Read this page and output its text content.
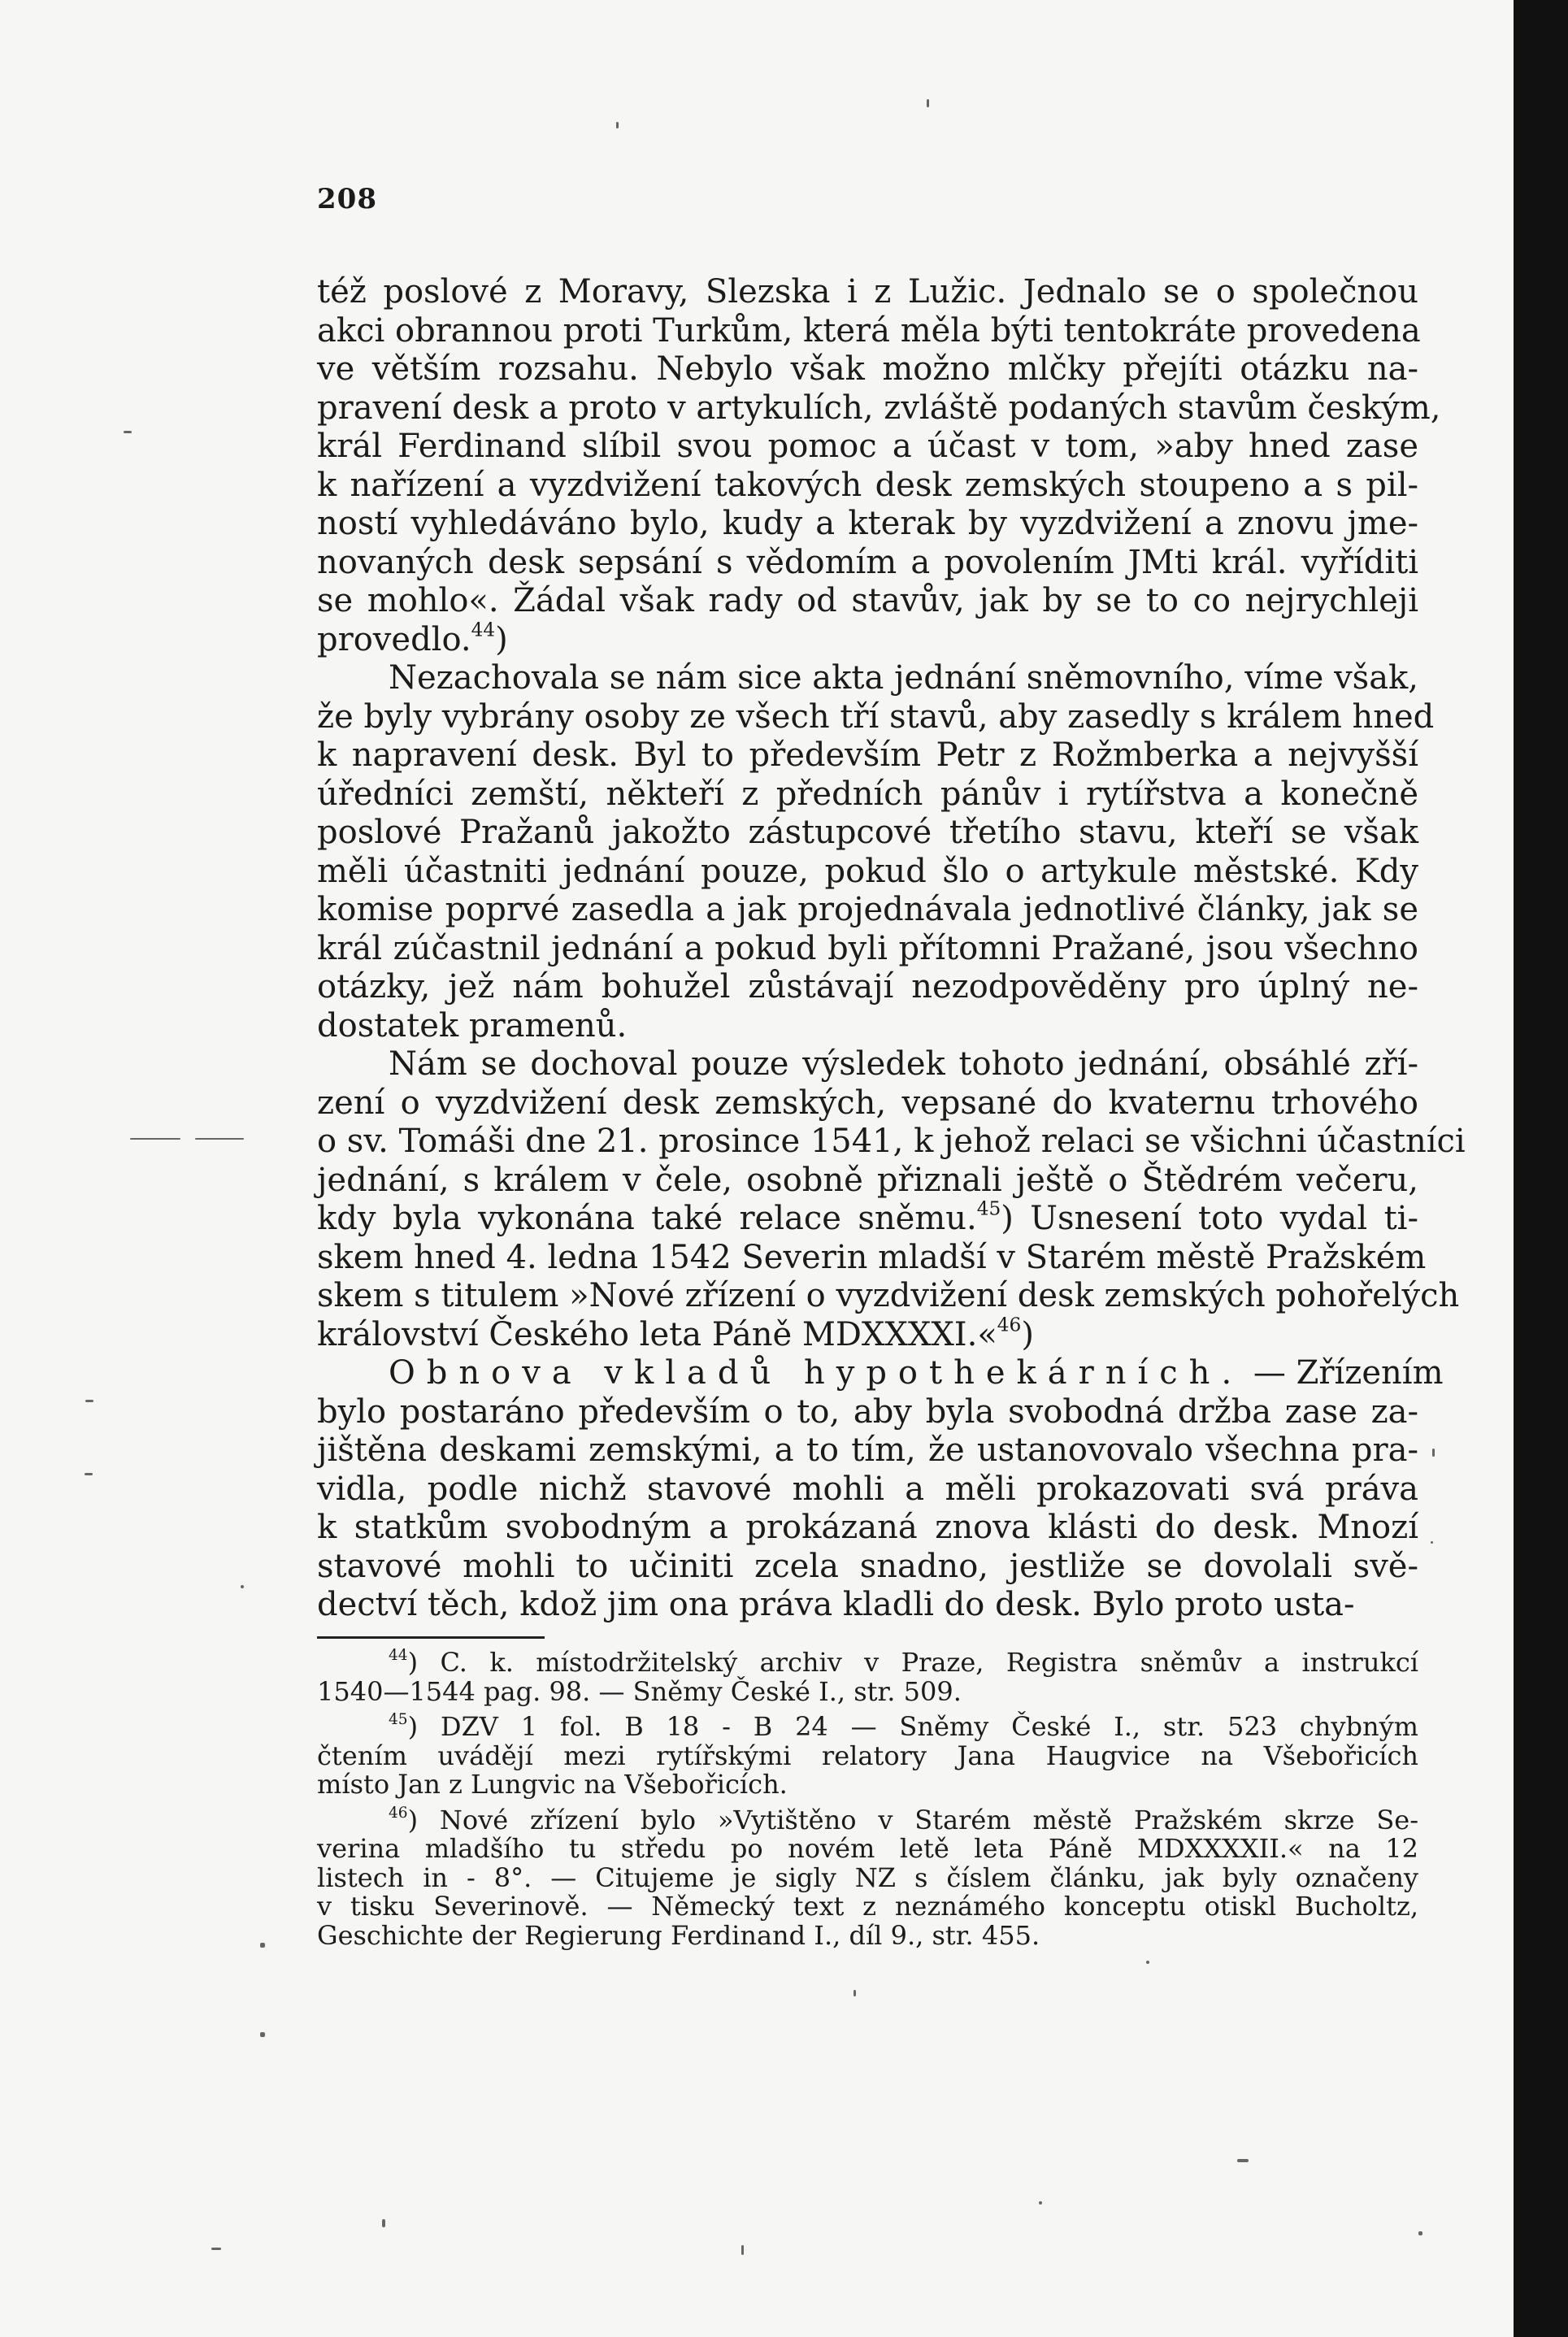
208
též poslové z Moravy, Slezska i z Lužic. Jednalo se o společnou
akci obrannou proti Turkům, která měla býti tentokráte provedena
ve větším rozsahu. Nebylo však možno mlčky přejíti otázku na-
pravení desk a proto v artykulích, zvláště podaných stavům českým,
král Ferdinand slíbil svou pomoc a účast v tom, »aby hned zase
k nařízení a vyzdvižení takových desk zemských stoupeno a s pil-
ností vyhledáváno bylo, kudy a kterak by vyzdvižení a znovu jme-
novaných desk sepsání s vědomím a povolením JMti král. vyříditi
se mohlo«. Žádal však rady od stavův, jak by se to co nejrychleji
provedlo.$^{44}$)
Nezachovala se nám sice akta jednání sněmovního, víme však,
že byly vybrány osoby ze všech tří stavů, aby zasedly s králem hned
k napravení desk. Byl to především Petr z Rožmberka a nejvyšší
úředníci zemští, někteří z předních pánův i rytířstva a konečně
poslové Pražanů jakožto zástupcové třetího stavu, kteří se však
měli účastniti jednání pouze, pokud šlo o artykule městské. Kdy
komise poprvé zasedla a jak projednávala jednotlivé články, jak se
král zúčastnil jednání a pokud byli přítomni Pražané, jsou všechno
otázky, jež nám bohužel zůstávají nezodpověděny pro úplný ne-
dostatek pramenů.
Nám se dochoval pouze výsledek tohoto jednání, obsáhlé zří-
zení o vyzdvižení desk zemských, vepsané do kvaternu trhového
o sv. Tomáši dne 21. prosince 1541, k jehož relaci se všichni účastníci
jednání, s králem v čele, osobně přiznali ještě o Štědrém večeru,
kdy byla vykonána také relace sněmu.$^{45}$) Usnesení toto vydal ti-
skem hned 4. ledna 1542 Severin mladší v Starém městě Pražském
skem s titulem »Nové zřízení o vyzdvižení desk zemských pohořelých
království Českého leta Páně MDXXXXI.«$^{46}$)
Obnova vkladů hypothekárních. — Zřízením
bylo postaráno především o to, aby byla svobodná držba zase za-
jištěna deskami zemskými, a to tím, že ustanovovalo všechna pra-
vidla, podle nichž stavové mohli a měli prokazovati svá práva
k statkům svobodným a prokázaná znova klásti do desk. Mnozí
stavové mohli to učiniti zcela snadno, jestliže se dovolali svě-
dectví těch, kdož jim ona práva kladli do desk. Bylo proto usta-
$^{44}$) C. k. místodržitelský archiv v Praze, Registra sněmův a instrukcí
1540—1544 pag. 98. — Sněmy České I., str. 509.
$^{45}$) DZV 1 fol. B 18 - B 24 — Sněmy České I., str. 523 chybným
čtením uvádějí mezi rytířskými relatory Jana Haugvice na Všebořicích
místo Jan z Lungvic na Všebořicích.
$^{46}$) Nové zřízení bylo »Vytištěno v Starém městě Pražském skrze Se-
verina mladšího tu středu po novém letě leta Páně MDXXXXII.« na 12
listech in - 8°. — Citujeme je sigly NZ s číslem článku, jak byly označeny
v tisku Severinově. — Německý text z neznámého konceptu otiskl Bucholtz,
Geschichte der Regierung Ferdinand I., díl 9., str. 455.
